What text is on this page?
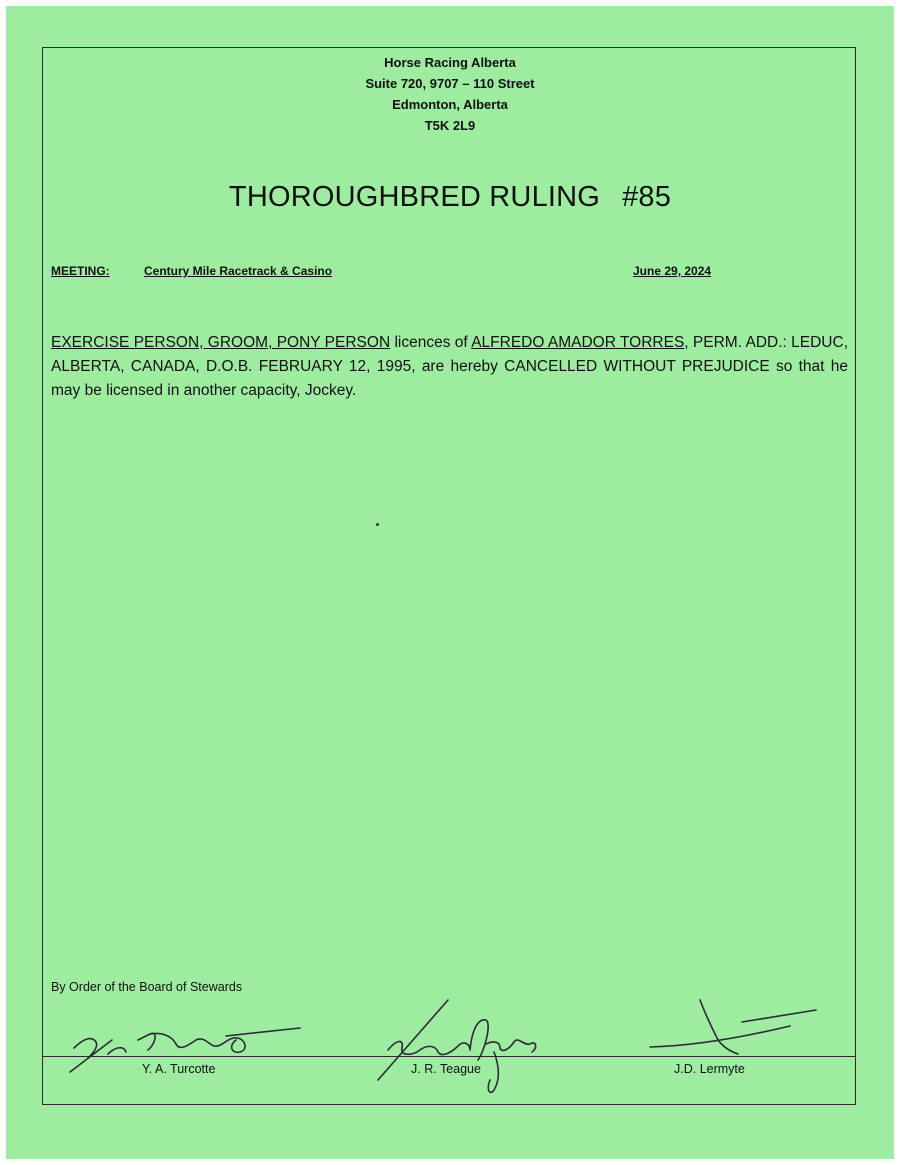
Horse Racing Alberta
Suite 720, 9707 – 110 Street
Edmonton, Alberta
T5K 2L9
THOROUGHBRED RULING #85
MEETING:	Century Mile Racetrack & Casino	June 29, 2024
EXERCISE PERSON, GROOM, PONY PERSON licences of ALFREDO AMADOR TORRES, PERM. ADD.: LEDUC, ALBERTA, CANADA, D.O.B. FEBRUARY 12, 1995, are hereby CANCELLED WITHOUT PREJUDICE so that he may be licensed in another capacity, Jockey.
By Order of the Board of Stewards
Y. A. Turcotte	J. R. Teague	J.D. Lermyte
